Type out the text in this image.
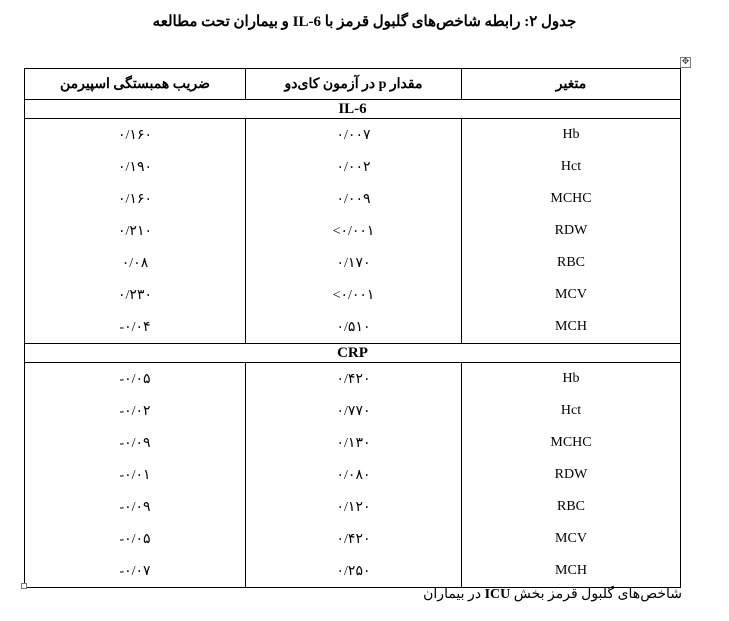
جدول ۲: رابطه شاخص‌های گلبول قرمز با IL-6 و بیماران تحت مطالعه
✥
ضریب همبستگی اسپیرمن	مقدار p در آزمون کای‌دو	متغیر
IL-6		
۰/۱۶۰	۰/۰۰۷	Hb
۰/۱۹۰	۰/۰۰۲	Hct
۰/۱۶۰	۰/۰۰۹	MCHC
۰/۲۱۰	<۰/۰۰۱	RDW
۰/۰۸	۰/۱۷۰	RBC
۰/۲۳۰	<۰/۰۰۱	MCV
-۰/۰۴	۰/۵۱۰	MCH
CRP		
-۰/۰۵	۰/۴۲۰	Hb
-۰/۰۲	۰/۷۷۰	Hct
-۰/۰۹	۰/۱۳۰	MCHC
-۰/۰۱	۰/۰۸۰	RDW
-۰/۰۹	۰/۱۲۰	RBC
-۰/۰۵	۰/۴۲۰	MCV
-۰/۰۷	۰/۲۵۰	MCH
شاخص‌های گلبول قرمز بخش ICU در بیماران
